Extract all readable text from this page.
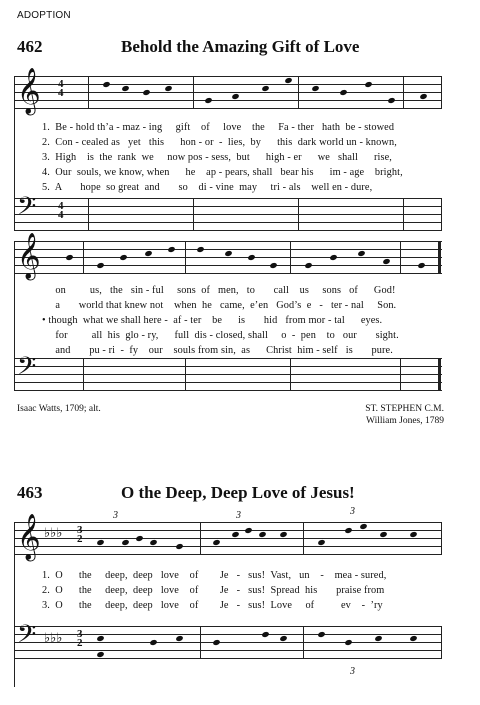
ADOPTION
462	Behold the Amazing Gift of Love
𝄞 4
4
𝄢 4
4
1.  Be - hold th’a - maz - ing     gift    of     love    the     Fa - ther   hath  be - stowed
2.  Con - cealed as   yet   this      hon - or  -  lies,  by      this  dark world un - known,
3.  High    is  the  rank  we     now pos - sess,  but      high - er      we   shall      rise,
4.  Our  souls, we know, when      he    ap - pears, shall   bear his      im - age    bright,
5.  A       hope  so great  and       so    di - vine  may     tri - als    well en - dure,
𝄞
𝄢
on         us,   the   sin - ful     sons  of   men,   to       call    us     sons   of      God!
a       world that knew not    when  he   came,  e’en   God’s  e   -   ter - nal     Son.
• though  what we shall here -  af - ter    be      is       hid   from mor - tal      eyes.
for         all  his  glo - ry,      full  dis - closed, shall     o  -  pen    to   our       sight.
and       pu - ri  -  fy    our    souls from sin,  as      Christ  him - self   is       pure.
Isaac Watts, 1709; alt.	ST. STEPHEN C.M.
William Jones, 1789
463	O the Deep, Deep Love of Jesus!
3	3	3
𝄞 ♭♭♭ 3
2
1.  O      the     deep,  deep   love    of        Je   -   sus!  Vast,   un    -    mea - sured,
2.  O      the     deep,  deep   love    of        Je   -   sus!  Spread  his       praise from
3.  O      the     deep,  deep   love    of        Je   -   sus!  Love     of          ev    -  ’ry
𝄢 ♭♭♭ 3
2
3
